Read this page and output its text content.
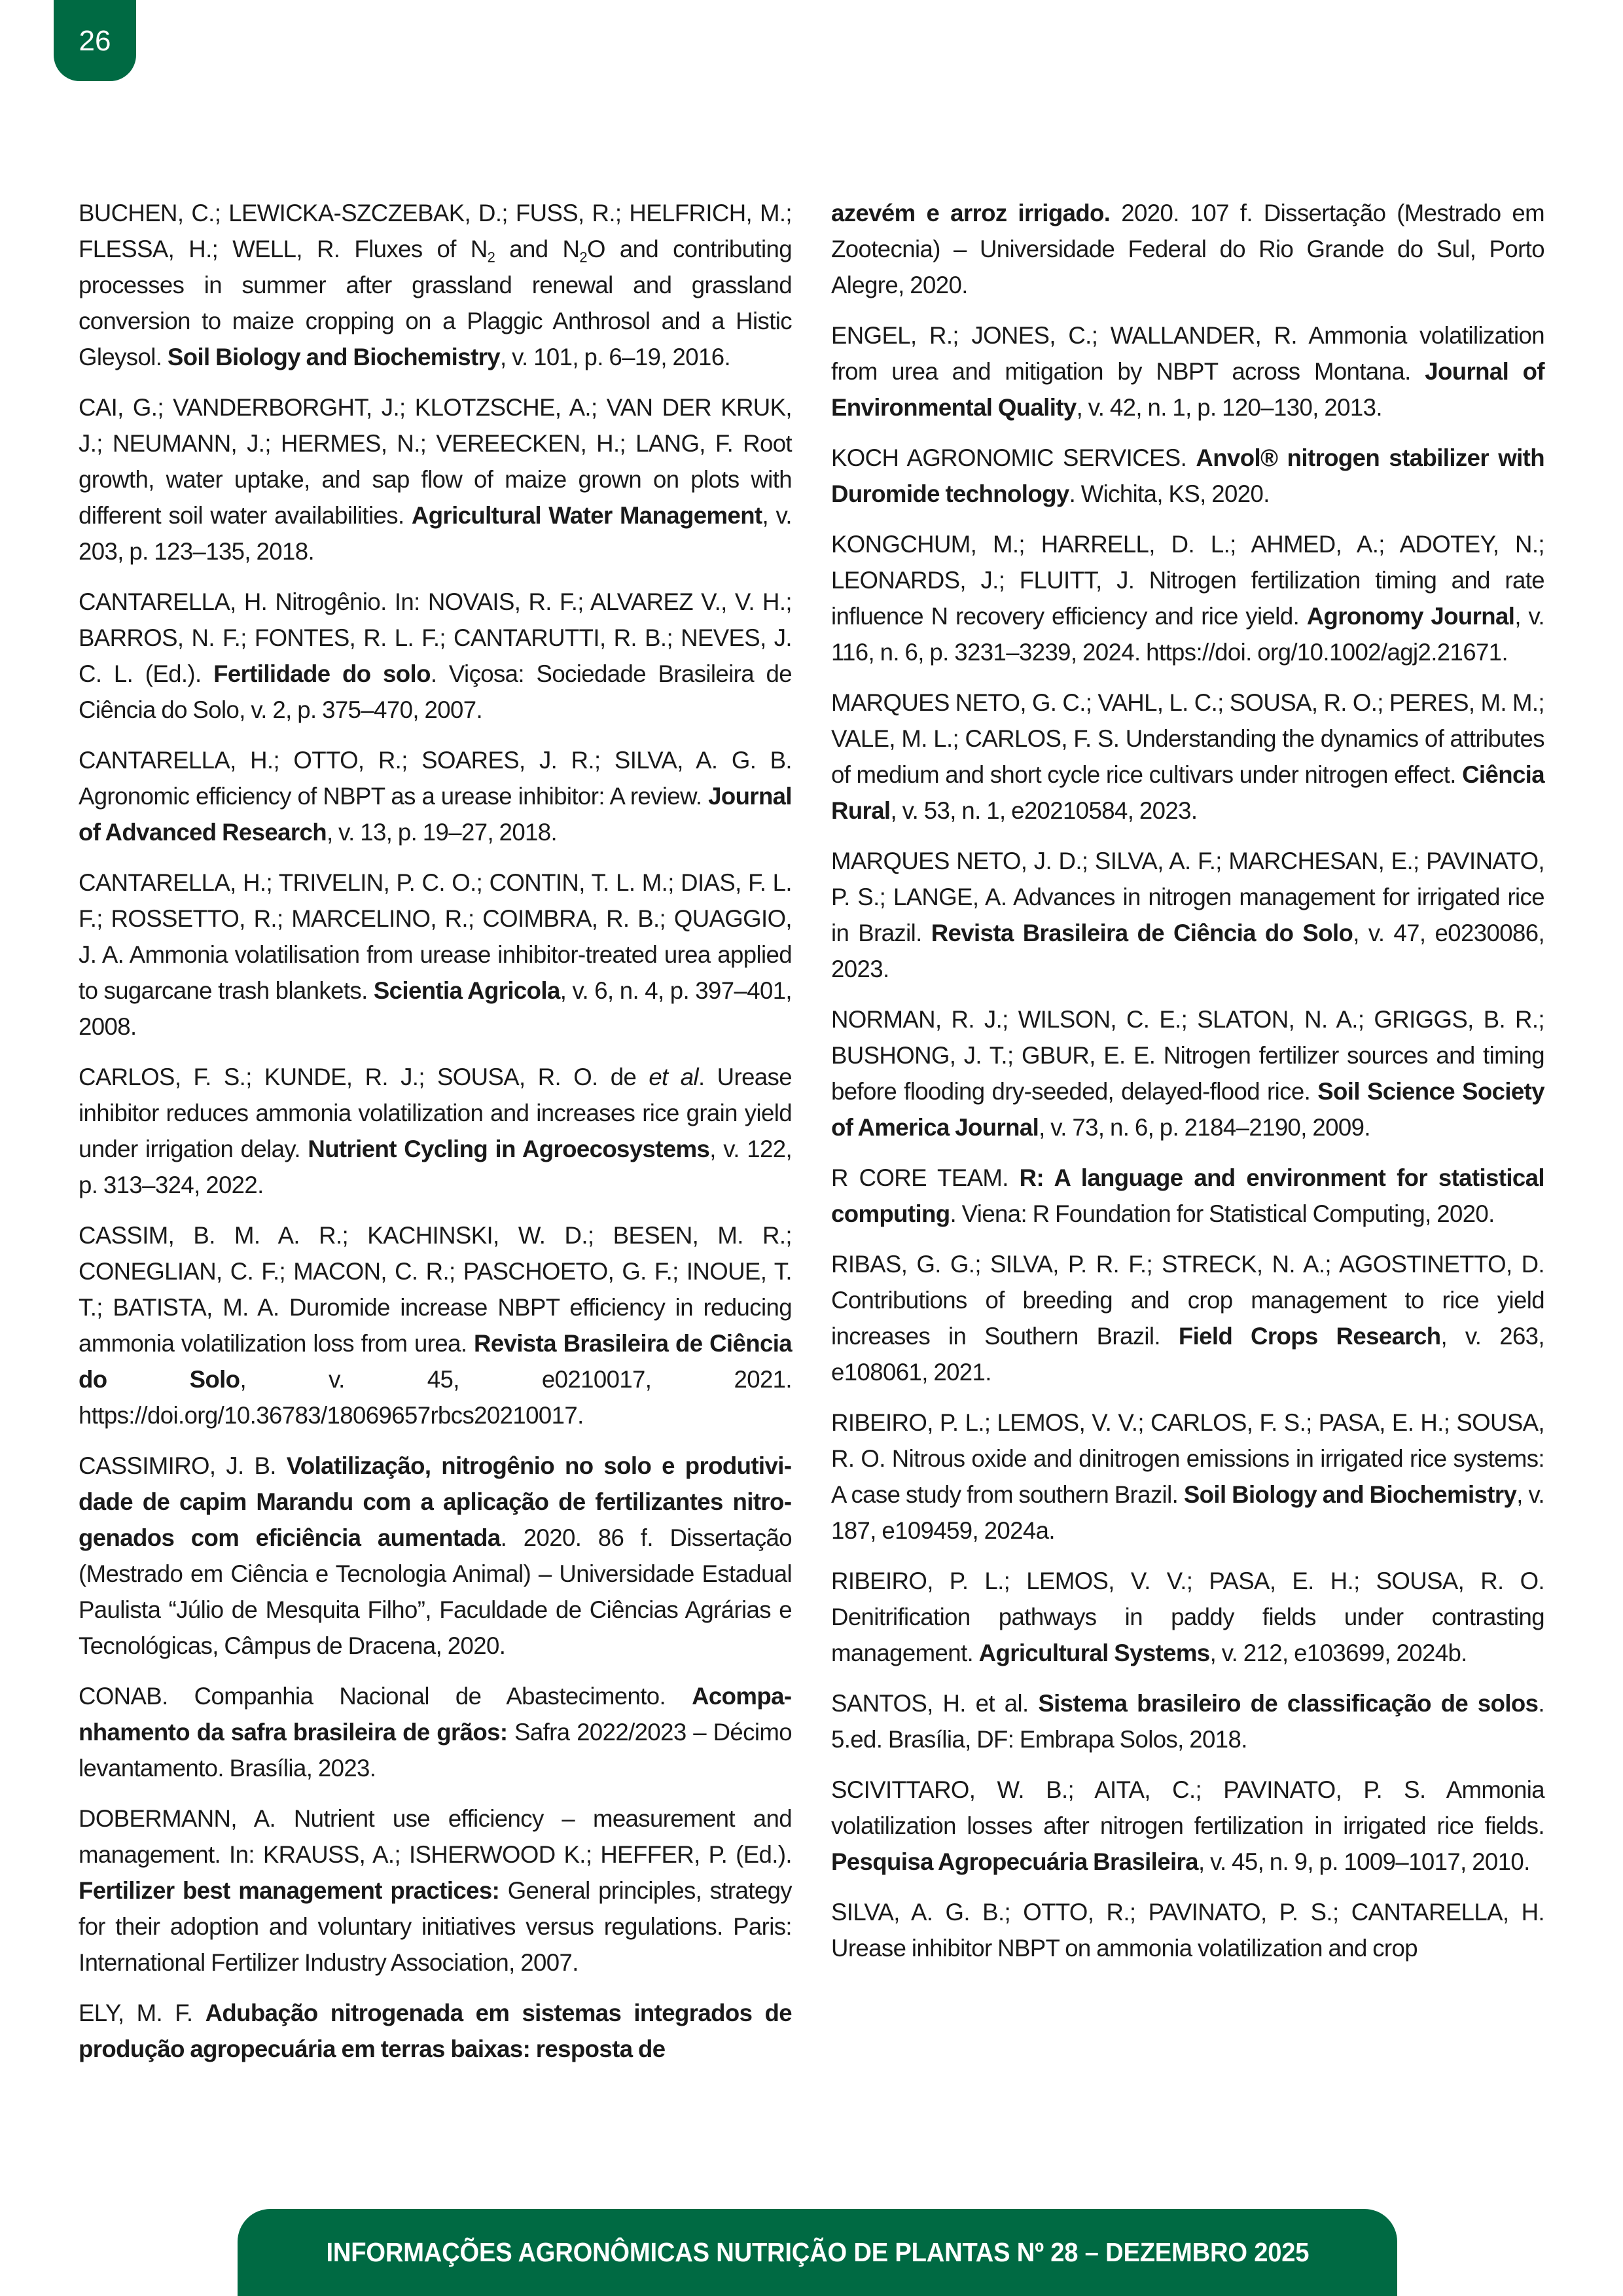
26

BUCHEN, C.; LEWICKA-SZCZEBAK, D.; FUSS, R.; HELFRICH, M.; FLESSA, H.; WELL, R. Fluxes of $N_2$ and $N_2O$ and contributing processes in summer after grassland renewal and grassland conversion to maize cropping on a Plaggic Anthrosol and a Histic Gleysol. Soil Biology and Biochemistry, v. 101, p. 6–19, 2016.

CAI, G.; VANDERBORGHT, J.; KLOTZSCHE, A.; VAN DER KRUK, J.; NEUMANN, J.; HERMES, N.; VEREECKEN, H.; LANG, F. Root growth, water uptake, and sap flow of maize grown on plots with different soil water availabilities. Agricultural Water Management, v. 203, p. 123–135, 2018.

CANTARELLA, H. Nitrogênio. In: NOVAIS, R. F.; ALVAREZ V., V. H.; BARROS, N. F.; FONTES, R. L. F.; CANTARUTTI, R. B.; NEVES, J. C. L. (Ed.). Fertilidade do solo. Viçosa: Sociedade Brasileira de Ciência do Solo, v. 2, p. 375–470, 2007.

CANTARELLA, H.; OTTO, R.; SOARES, J. R.; SILVA, A. G. B. Agronomic efficiency of NBPT as a urease inhibitor: A review. Journal of Advanced Research, v. 13, p. 19–27, 2018.

CANTARELLA, H.; TRIVELIN, P. C. O.; CONTIN, T. L. M.; DIAS, F. L. F.; ROSSETTO, R.; MARCELINO, R.; COIMBRA, R. B.; QUAGGIO, J. A. Ammonia volatilisation from urease inhibitor-treated urea applied to sugarcane trash blankets. Scientia Agricola, v. 6, n. 4, p. 397–401, 2008.

CARLOS, F. S.; KUNDE, R. J.; SOUSA, R. O. de et al. Urease inhibitor reduces ammonia volatilization and increases rice grain yield under irrigation delay. Nutrient Cycling in Agroecosystems, v. 122, p. 313–324, 2022.

CASSIM, B. M. A. R.; KACHINSKI, W. D.; BESEN, M. R.; CONEGLIAN, C. F.; MACON, C. R.; PASCHOETO, G. F.; INOUE, T. T.; BATISTA, M. A. Duromide increase NBPT efficiency in reducing ammonia volatilization loss from urea. Revista Brasileira de Ciência do Solo, v. 45, e0210017, 2021. https://doi.org/10.36783/18069657rbcs20210017.

CASSIMIRO, J. B. Volatilização, nitrogênio no solo e produtividade de capim Marandu com a aplicação de fertilizantes nitrogenados com eficiência aumentada. 2020. 86 f. Dissertação (Mestrado em Ciência e Tecnologia Animal) – Universidade Estadual Paulista “Júlio de Mesquita Filho”, Faculdade de Ciências Agrárias e Tecnológicas, Câmpus de Dracena, 2020.

CONAB. Companhia Nacional de Abastecimento. Acompanhamento da safra brasileira de grãos: Safra 2022/2023 – Décimo levantamento. Brasília, 2023.

DOBERMANN, A. Nutrient use efficiency – measurement and management. In: KRAUSS, A.; ISHERWOOD K.; HEFFER, P. (Ed.). Fertilizer best management practices: General principles, strategy for their adoption and voluntary initiatives versus regulations. Paris: International Fertilizer Industry Association, 2007.

ELY, M. F. Adubação nitrogenada em sistemas integrados de produção agropecuária em terras baixas: resposta de

azevém e arroz irrigado. 2020. 107 f. Dissertação (Mestrado em Zootecnia) – Universidade Federal do Rio Grande do Sul, Porto Alegre, 2020.

ENGEL, R.; JONES, C.; WALLANDER, R. Ammonia volatilization from urea and mitigation by NBPT across Montana. Journal of Environmental Quality, v. 42, n. 1, p. 120–130, 2013.

KOCH AGRONOMIC SERVICES. Anvol® nitrogen stabilizer with Duromide technology. Wichita, KS, 2020.

KONGCHUM, M.; HARRELL, D. L.; AHMED, A.; ADOTEY, N.; LEONARDS, J.; FLUITT, J. Nitrogen fertilization timing and rate influence N recovery efficiency and rice yield. Agronomy Journal, v. 116, n. 6, p. 3231–3239, 2024. https://doi. org/10.1002/agj2.21671.

MARQUES NETO, G. C.; VAHL, L. C.; SOUSA, R. O.; PERES, M. M.; VALE, M. L.; CARLOS, F. S. Understanding the dynamics of attributes of medium and short cycle rice cultivars under nitrogen effect. Ciência Rural, v. 53, n. 1, e20210584, 2023.

MARQUES NETO, J. D.; SILVA, A. F.; MARCHESAN, E.; PAVINATO, P. S.; LANGE, A. Advances in nitrogen management for irrigated rice in Brazil. Revista Brasileira de Ciência do Solo, v. 47, e0230086, 2023.

NORMAN, R. J.; WILSON, C. E.; SLATON, N. A.; GRIGGS, B. R.; BUSHONG, J. T.; GBUR, E. E. Nitrogen fertilizer sources and timing before flooding dry-seeded, delayed-flood rice. Soil Science Society of America Journal, v. 73, n. 6, p. 2184–2190, 2009.

R CORE TEAM. R: A language and environment for statistical computing. Viena: R Foundation for Statistical Computing, 2020.

RIBAS, G. G.; SILVA, P. R. F.; STRECK, N. A.; AGOSTINETTO, D. Contributions of breeding and crop management to rice yield increases in Southern Brazil. Field Crops Research, v. 263, e108061, 2021.

RIBEIRO, P. L.; LEMOS, V. V.; CARLOS, F. S.; PASA, E. H.; SOUSA, R. O. Nitrous oxide and dinitrogen emissions in irrigated rice systems: A case study from southern Brazil. Soil Biology and Biochemistry, v. 187, e109459, 2024a.

RIBEIRO, P. L.; LEMOS, V. V.; PASA, E. H.; SOUSA, R. O. Denitrification pathways in paddy fields under contrasting management. Agricultural Systems, v. 212, e103699, 2024b.

SANTOS, H. et al. Sistema brasileiro de classificação de solos. 5.ed. Brasília, DF: Embrapa Solos, 2018.

SCIVITTARO, W. B.; AITA, C.; PAVINATO, P. S. Ammonia volatilization losses after nitrogen fertilization in irrigated rice fields. Pesquisa Agropecuária Brasileira, v. 45, n. 9, p. 1009–1017, 2010.

SILVA, A. G. B.; OTTO, R.; PAVINATO, P. S.; CANTARELLA, H. Urease inhibitor NBPT on ammonia volatilization and crop

INFORMAÇÕES AGRONÔMICAS NUTRIÇÃO DE PLANTAS Nº 28 – DEZEMBRO 2025
